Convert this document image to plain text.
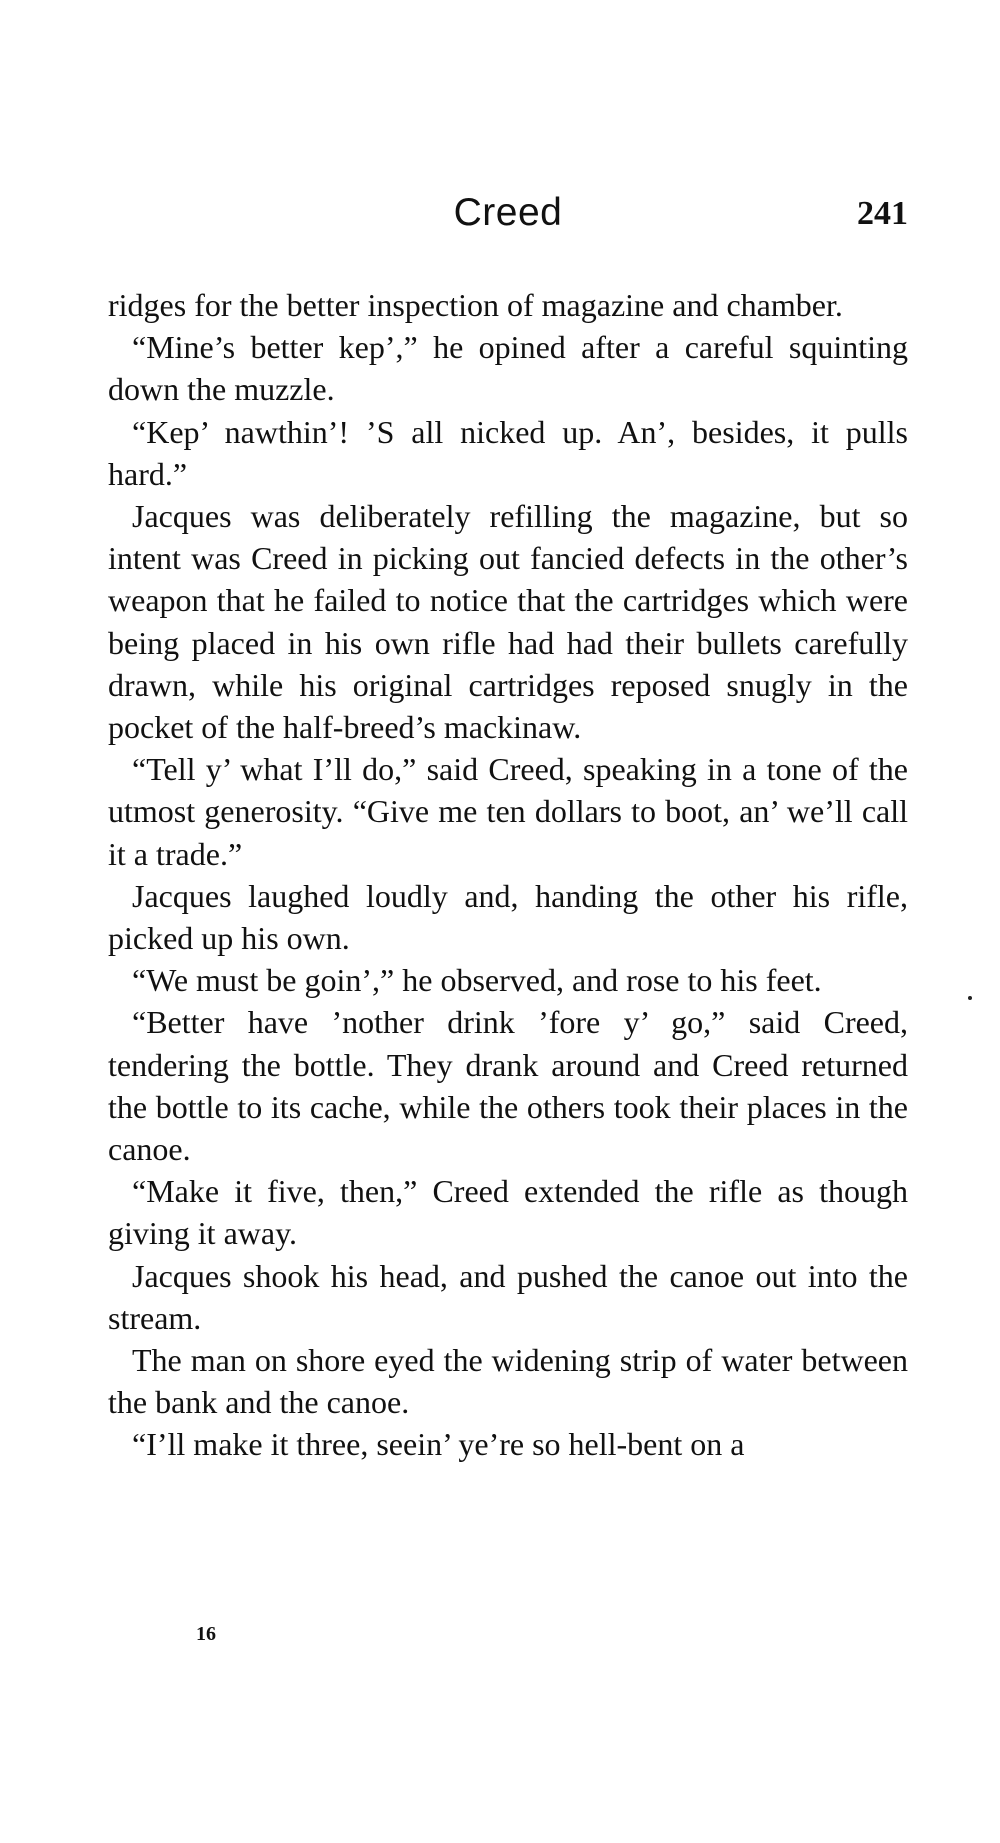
Creed	241

ridges for the better inspection of magazine and chamber.

“Mine’s better kep’,” he opined after a careful squinting down the muzzle.

“Kep’ nawthin’! ’S all nicked up. An’, besides, it pulls hard.”

Jacques was deliberately refilling the magazine, but so intent was Creed in picking out fancied defects in the other’s weapon that he failed to notice that the cartridges which were being placed in his own rifle had had their bullets carefully drawn, while his original cartridges reposed snugly in the pocket of the half-breed’s mackinaw.

“Tell y’ what I’ll do,” said Creed, speaking in a tone of the utmost generosity. “Give me ten dollars to boot, an’ we’ll call it a trade.”

Jacques laughed loudly and, handing the other his rifle, picked up his own.

“We must be goin’,” he observed, and rose to his feet.

“Better have ’nother drink ’fore y’ go,” said Creed, tendering the bottle. They drank around and Creed returned the bottle to its cache, while the others took their places in the canoe.

“Make it five, then,” Creed extended the rifle as though giving it away.

Jacques shook his head, and pushed the canoe out into the stream.

The man on shore eyed the widening strip of water between the bank and the canoe.

“I’ll make it three, seein’ ye’re so hell-bent on a

16
